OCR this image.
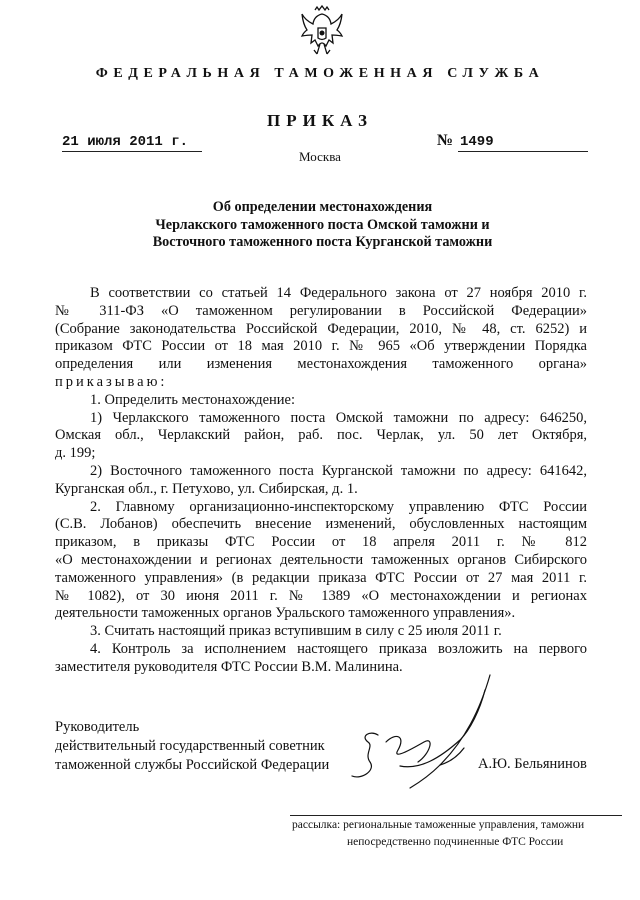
ФЕДЕРАЛЬНАЯ ТАМОЖЕННАЯ СЛУЖБА
ПРИКАЗ
21 июля 2011 г.	№ 1499
Москва
Об определении местонахождения
Черлакского таможенного поста Омской таможни и
Восточного таможенного поста Курганской таможни

В соответствии со статьей 14 Федерального закона от 27 ноября 2010 г.

№ 311-ФЗ «О таможенном регулировании в Российской Федерации»

(Собрание законодательства Российской Федерации, 2010, № 48, ст. 6252) и

приказом ФТС России от 18 мая 2010 г. № 965 «Об утверждении Порядка

определения или изменения местонахождения таможенного органа»

приказываю:

1. Определить местонахождение:

1) Черлакского таможенного поста Омской таможни по адресу: 646250,

Омская обл., Черлакский район, раб. пос. Черлак, ул. 50 лет Октября,

д. 199;

2) Восточного таможенного поста Курганской таможни по адресу: 641642,

Курганская обл., г. Петухово, ул. Сибирская, д. 1.

2. Главному организационно-инспекторскому управлению ФТС России

(С.В. Лобанов) обеспечить внесение изменений, обусловленных настоящим

приказом, в приказы ФТС России от 18 апреля 2011 г. № 812

«О местонахождении и регионах деятельности таможенных органов Сибирского

таможенного управления» (в редакции приказа ФТС России от 27 мая 2011 г.

№ 1082), от 30 июня 2011 г. № 1389 «О местонахождении и регионах

деятельности таможенных органов Уральского таможенного управления».

3. Считать настоящий приказ вступившим в силу с 25 июля 2011 г.

4. Контроль за исполнением настоящего приказа возложить на первого

заместителя руководителя ФТС России В.М. Малинина.

Руководитель
действительный государственный советник
таможенной службы Российской Федерации	А.Ю. Бельянинов
рассылка: региональные таможенные управления, таможни
непосредственно подчиненные ФТС России
